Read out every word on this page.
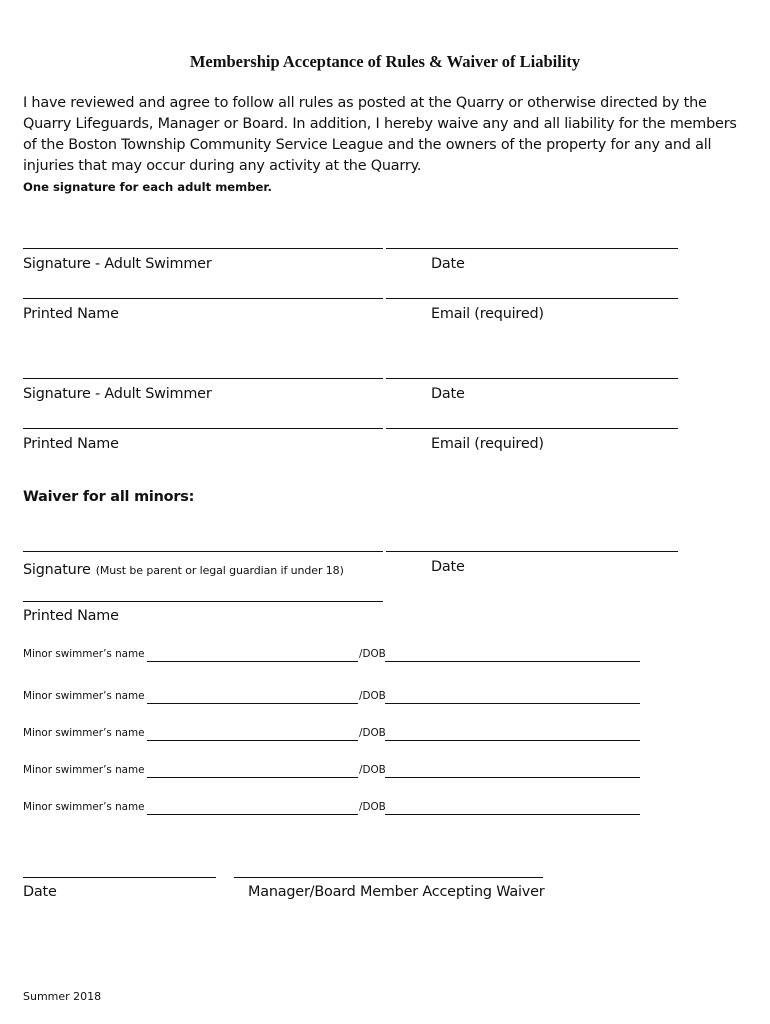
Membership Acceptance of Rules & Waiver of Liability
I have reviewed and agree to follow all rules as posted at the Quarry or otherwise directed by the Quarry Lifeguards, Manager or Board. In addition, I hereby waive any and all liability for the members of the Boston Township Community Service League and the owners of the property for any and all injuries that may occur during any activity at the Quarry.
One signature for each adult member.
Signature - Adult Swimmer	Date
Printed Name	Email (required)
Signature - Adult Swimmer	Date
Printed Name	Email (required)
Waiver for all minors:
Signature (Must be parent or legal guardian if under 18)	Date
Printed Name
Minor swimmer’s name	/DOB
Minor swimmer’s name	/DOB
Minor swimmer’s name	/DOB
Minor swimmer’s name	/DOB
Minor swimmer’s name	/DOB
Date	Manager/Board Member Accepting Waiver
Summer 2018
